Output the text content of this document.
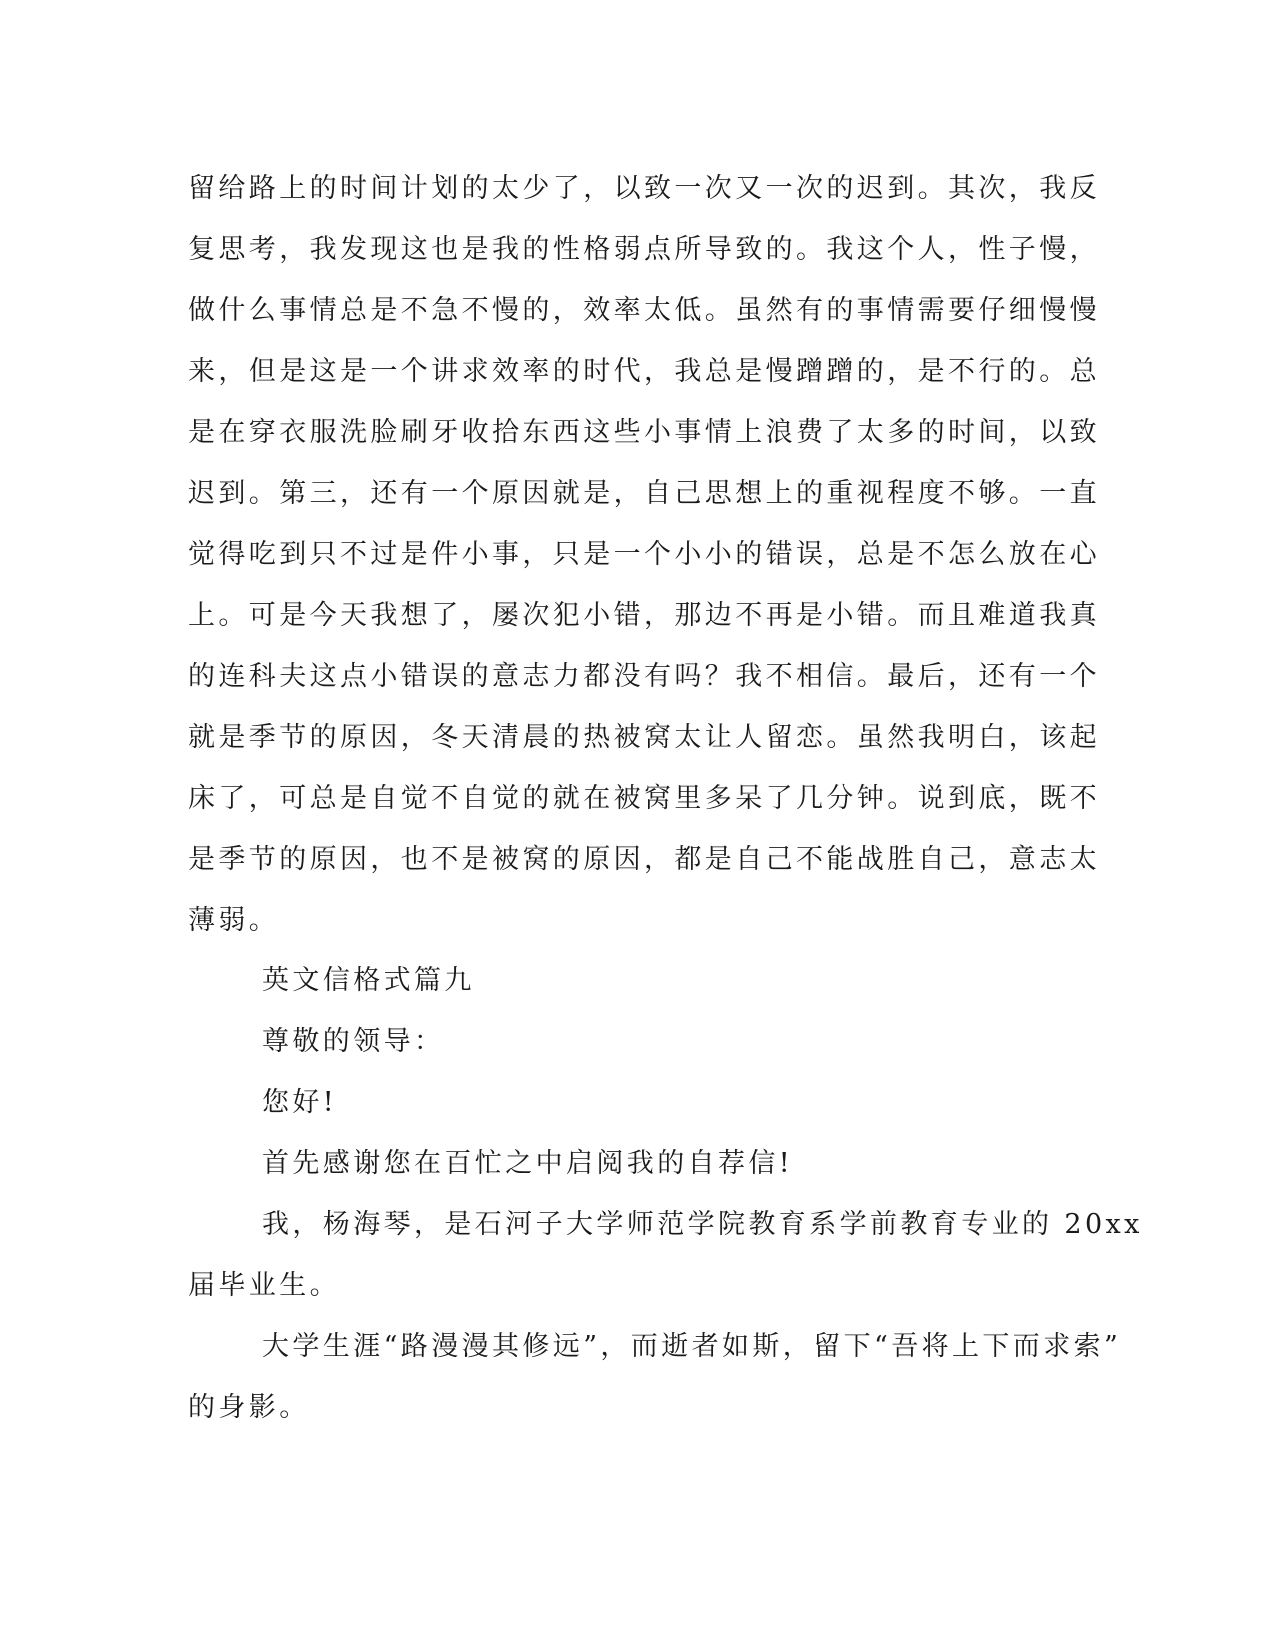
留给路上的时间计划的太少了，以致一次又一次的迟到。其次，我反
复思考，我发现这也是我的性格弱点所导致的。我这个人，性子慢，
做什么事情总是不急不慢的，效率太低。虽然有的事情需要仔细慢慢
来，但是这是一个讲求效率的时代，我总是慢蹭蹭的，是不行的。总
是在穿衣服洗脸刷牙收拾东西这些小事情上浪费了太多的时间，以致
迟到。第三，还有一个原因就是，自己思想上的重视程度不够。一直
觉得吃到只不过是件小事，只是一个小小的错误，总是不怎么放在心
上。可是今天我想了，屡次犯小错，那边不再是小错。而且难道我真
的连科夫这点小错误的意志力都没有吗？我不相信。最后，还有一个
就是季节的原因，冬天清晨的热被窝太让人留恋。虽然我明白，该起
床了，可总是自觉不自觉的就在被窝里多呆了几分钟。说到底，既不
是季节的原因，也不是被窝的原因，都是自己不能战胜自己，意志太
薄弱。
英文信格式篇九
尊敬的领导：
您好!
首先感谢您在百忙之中启阅我的自荐信!
我，杨海琴，是石河子大学师范学院教育系学前教育专业的 20xx
届毕业生。
大学生涯“路漫漫其修远”，而逝者如斯，留下“吾将上下而求索”
的身影。
